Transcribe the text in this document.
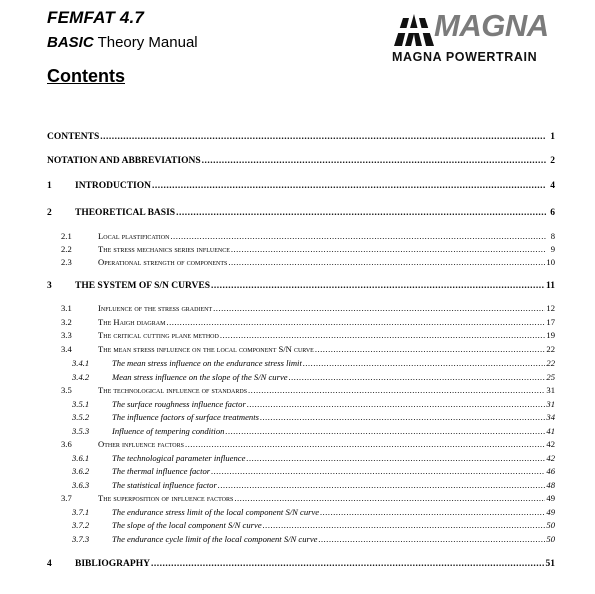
FEMFAT 4.7
BASIC Theory Manual
Contents
MAGNA
MAGNA POWERTRAIN
CONTENTS .....	1
NOTATION AND ABBREVIATIONS .....	2
1 INTRODUCTION .....	4
2 THEORETICAL BASIS .....	6
2.1	Local plastification .....	8
2.2	The stress mechanics series influence .....	9
2.3	Operational strength of components .....	10
3 THE SYSTEM OF S/N CURVES .....	11
3.1	Influence of the stress gradient .....	12
3.2	The Haigh diagram .....	17
3.3	The critical cutting plane method .....	19
3.4	The mean stress influence on the local component S/N curve .....	22
3.4.1	The mean stress influence on the endurance stress limit .....	22
3.4.2	Mean stress influence on the slope of the S/N curve .....	25
3.5	The technological influence of standards .....	31
3.5.1	The surface roughness influence factor .....	31
3.5.2	The influence factors of surface treatments .....	34
3.5.3	Influence of tempering condition .....	41
3.6	Other influence factors .....	42
3.6.1	The technological parameter influence .....	42
3.6.2	The thermal influence factor .....	46
3.6.3	The statistical influence factor .....	48
3.7	The superposition of influence factors .....	49
3.7.1	The endurance stress limit of the local component S/N curve .....	49
3.7.2	The slope of the local component S/N curve .....	50
3.7.3	The endurance cycle limit of the local component S/N curve .....	50
4 BIBLIOGRAPHY .....	51
